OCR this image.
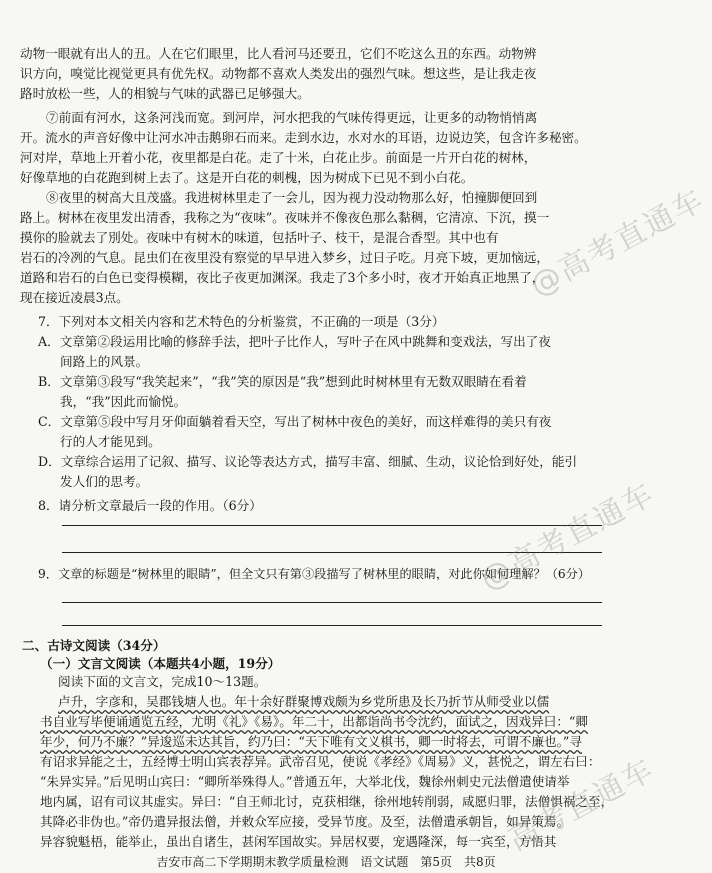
动物一眼就有出人的丑。人在它们眼里，比人看河马还要丑，它们不吃这么丑的东西。动物辨
识方向，嗅觉比视觉更具有优先权。动物都不喜欢人类发出的强烈气味。想这些，是让我走夜
路时放松一些，人的相貌与气味的武器已足够强大。
⑦前面有河水，这条河浅而宽。到河岸，河水把我的气味传得更远，让更多的动物悄悄离
开。流水的声音好像中让河水冲击鹅卵石而来。走到水边，水对水的耳语，边说边笑，包含许多秘密。
河对岸，草地上开着小花，夜里都是白花。走了十米，白花止步。前面是一片开白花的树林，
好像草地的白花跑到树上去了。这是开白花的刺槐，因为树成下已见不到小白花。
⑧夜里的树高大且茂盛。我进树林里走了一会儿，因为视力没动物那么好，怕撞脚便回到
路上。树林在夜里发出清香，我称之为“夜味”。夜味并不像夜色那么黏稠，它清凉、下沉，摸一
摸你的脸就去了別处。夜味中有树木的味道，包括叶子、枝干，是混合香型。其中也有
岩石的冷冽的气息。昆虫们在夜里没有察觉的早早进入梦乡，过日子吃。月亮下坡，更加恼远，
道路和岩石的白色已变得模糊，夜比子夜更加渊深。我走了3个多小时，夜才开始真正地黑了，
现在接近凌晨3点。
7．下列对本文相关内容和艺术特色的分析鉴赏，不正确的一项是（3分）
A．文章第②段运用比喻的修辞手法，把叶子比作人，写叶子在风中跳舞和变戏法，写出了夜
间路上的风景。
B．文章第③段写“我笑起来”，“我”笑的原因是“我”想到此时树林里有无数双眼睛在看着
我，“我”因此而愉悦。
C．文章第⑤段中写月牙仰面躺着看天空，写出了树林中夜色的美好，而这样难得的美只有夜
行的人才能见到。
D．文章综合运用了记叙、描写、议论等表达方式，描写丰富、细腻、生动，议论恰到好处，能引
发人们的思考。
8．请分析文章最后一段的作用。（6分）
9．文章的标题是“树林里的眼睛”，但全文只有第③段描写了树林里的眼睛，对此你如何理解？（6分）
二、古诗文阅读（34分）
（一）文言文阅读（本题共4小题，19分）
阅读下面的文言文，完成10～13题。
卢升，字彦和，吴郡钱塘人也。年十余好群聚博戏颇为乡党所患及长乃折节从师受业以儒
书自业写毕便诵通览五经，尤明《礼》《易》。年二十，出都诣尚书令沈约，面试之，因戏异曰：“卿
年少，何乃不廉？”异逡巡未达其旨，约乃曰：“天下唯有文义棋书，卿一时将去，可谓不廉也。”寻
有诏求异能之士，五经博士明山宾表荐异。武帝召见，使说《孝经》《周易》义，甚悦之，谓左右曰：
“朱异实异。”后见明山宾曰：“卿所举殊得人。”普通五年，大举北伐，魏徐州刺史元法僧遣使请举
地内属，诏有司议其虚实。异曰：“自王师北讨，克获相继，徐州地转削弱，咸愿归罪，法僧惧祸之至，
其降必非伪也。”帝仍遣异报法僧，并敕众军应接，受异节度。及至，法僧遣承朝旨，如异策焉。
异容貌魁梧，能举止，虽出自诸生，甚闲军国故实。异居权要，宠遇隆深，每一宾至，方悟其
吉安市高二下学期期末教学质量检测　语文试题　第5页　共8页
@高考直通车
@高考直通车
高考直通车
